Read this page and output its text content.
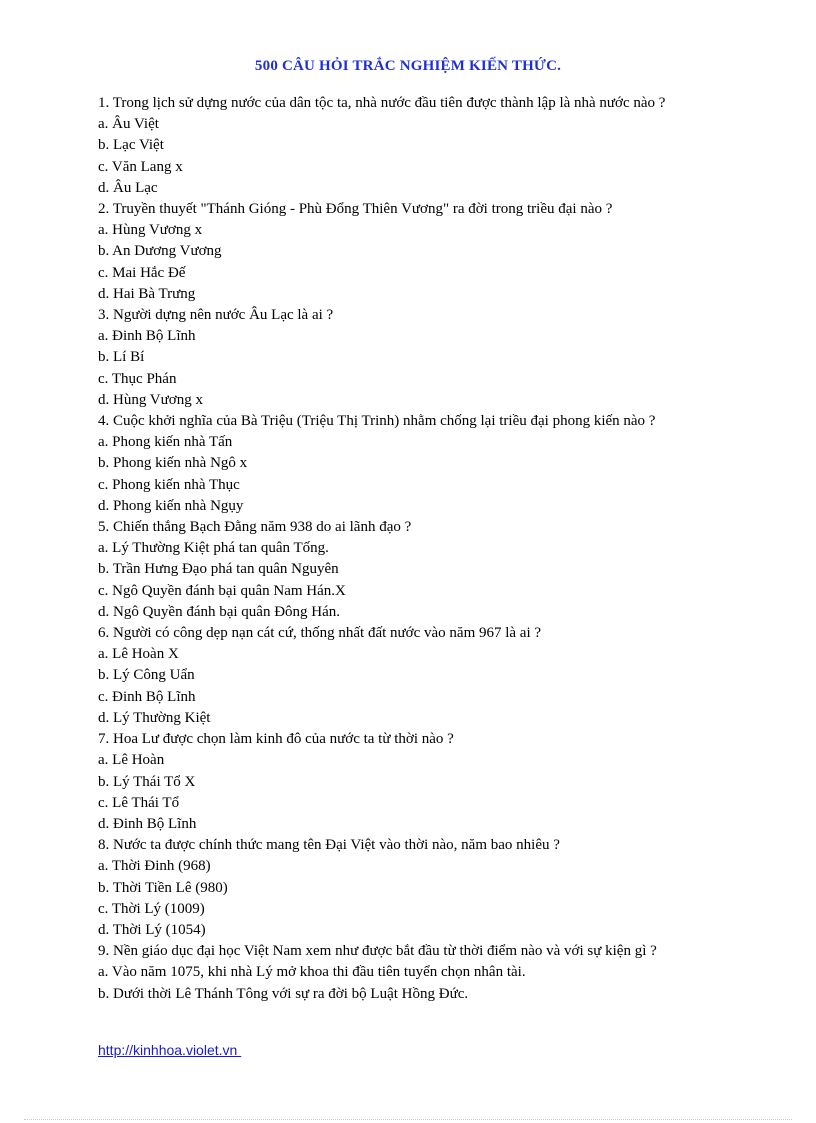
500 CÂU HỎI TRẮC NGHIỆM KIẾN THỨC.
1. Trong lịch sử dựng nước của dân tộc ta, nhà nước đầu tiên được thành lập là nhà nước nào ?
a. Âu Việt
b. Lạc Việt
c. Văn Lang x
d. Âu Lạc
2. Truyền thuyết "Thánh Gióng - Phù Đổng Thiên Vương" ra đời trong triều đại nào ?
a. Hùng Vương x
b. An Dương Vương
c. Mai Hắc Đế
d. Hai Bà Trưng
3. Người dựng nên nước Âu Lạc là ai ?
a. Đinh Bộ Lĩnh
b. Lí Bí
c. Thục Phán
d. Hùng Vương x
4. Cuộc khởi nghĩa của Bà Triệu (Triệu Thị Trinh) nhằm chống lại triều đại phong kiến nào ?
a. Phong kiến nhà Tấn
b. Phong kiến nhà Ngô x
c. Phong kiến nhà Thục
d. Phong kiến nhà Ngụy
5. Chiến thắng Bạch Đằng năm 938 do ai lãnh đạo ?
a. Lý Thường Kiệt phá tan quân Tống.
b. Trần Hưng Đạo phá tan quân Nguyên
c. Ngô Quyền đánh bại quân Nam Hán.X
d. Ngô Quyền đánh bại quân Đông Hán.
6. Người có công dẹp nạn cát cứ, thống nhất đất nước vào năm 967 là ai ?
a. Lê Hoàn X
b. Lý Công Uẩn
c. Đinh Bộ Lĩnh
d. Lý Thường Kiệt
7. Hoa Lư được chọn làm kinh đô của nước ta từ thời nào ?
a. Lê Hoàn
b. Lý Thái Tổ X
c. Lê Thái Tổ
d. Đinh Bộ Lĩnh
8. Nước ta được chính thức mang tên Đại Việt vào thời nào, năm bao nhiêu ?
a. Thời Đinh (968)
b. Thời Tiền Lê (980)
c. Thời Lý (1009)
d. Thời Lý (1054)
9. Nền giáo dục đại học Việt Nam xem như được bắt đầu từ thời điểm nào và với sự kiện gì ?
a. Vào năm 1075, khi nhà Lý mở khoa thi đầu tiên tuyển chọn nhân tài.
b. Dưới thời Lê Thánh Tông với sự ra đời bộ Luật Hồng Đức.
http://kinhhoa.violet.vn
